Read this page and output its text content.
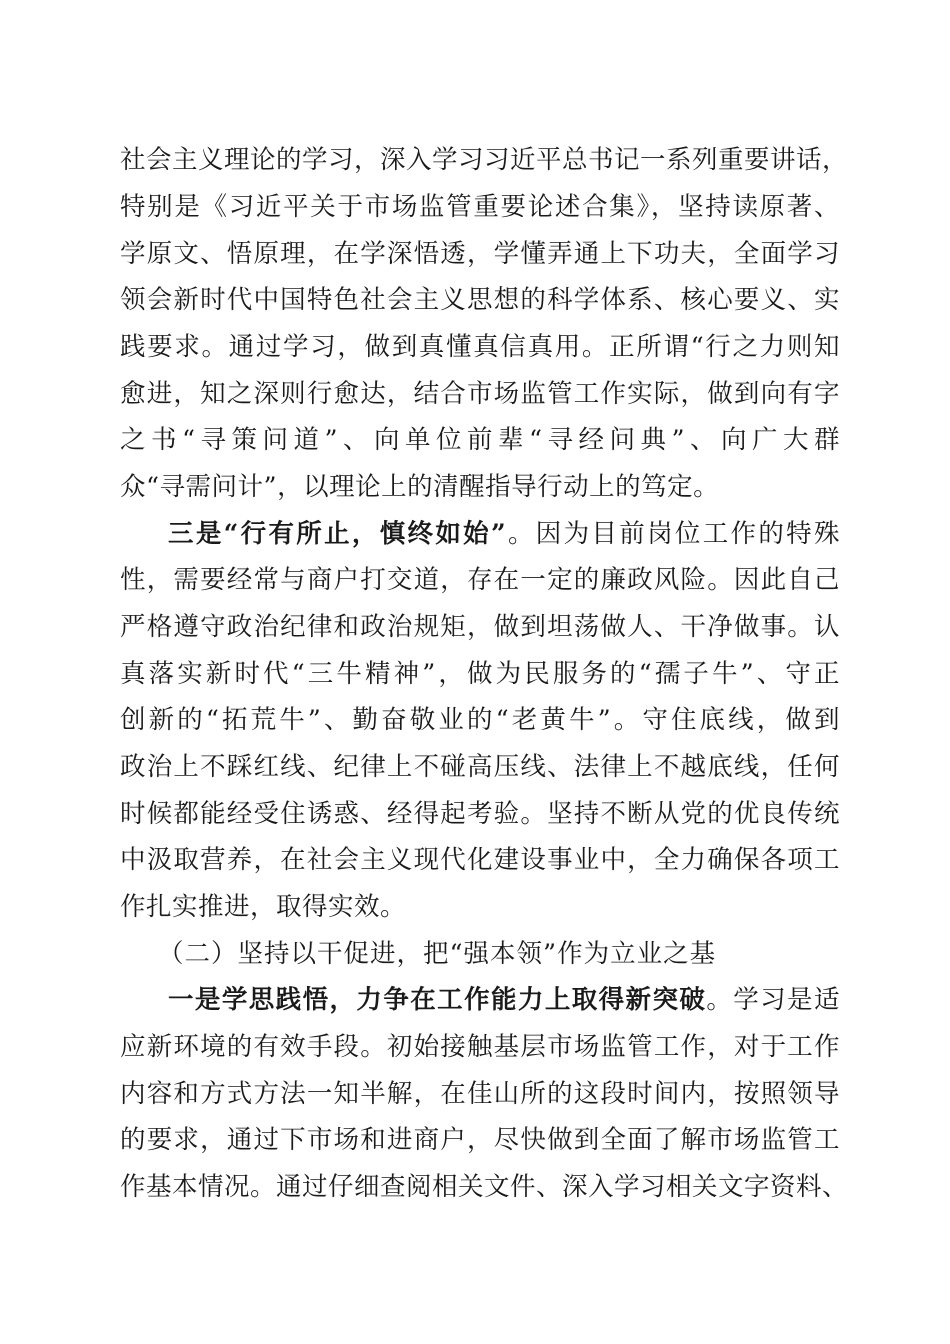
社会主义理论的学习，深入学习习近平总书记一系列重要讲话，
特别是《习近平关于市场监管重要论述合集》，坚持读原著、
学原文、悟原理，在学深悟透，学懂弄通上下功夫，全面学习
领会新时代中国特色社会主义思想的科学体系、核心要义、实
践要求。通过学习，做到真懂真信真用。正所谓“行之力则知
愈进，知之深则行愈达，结合市场监管工作实际，做到向有字
之书“寻策问道”、向单位前辈“寻经问典”、向广大群
众“寻需问计”，以理论上的清醒指导行动上的笃定。
三是“行有所止，慎终如始”。因为目前岗位工作的特殊
性，需要经常与商户打交道，存在一定的廉政风险。因此自己
严格遵守政治纪律和政治规矩，做到坦荡做人、干净做事。认
真落实新时代“三牛精神”，做为民服务的“孺子牛”、守正
创新的“拓荒牛”、勤奋敬业的“老黄牛”。守住底线，做到
政治上不踩红线、纪律上不碰高压线、法律上不越底线，任何
时候都能经受住诱惑、经得起考验。坚持不断从党的优良传统
中汲取营养，在社会主义现代化建设事业中，全力确保各项工
作扎实推进，取得实效。
（二）坚持以干促进，把“强本领”作为立业之基
一是学思践悟，力争在工作能力上取得新突破。学习是适
应新环境的有效手段。初始接触基层市场监管工作，对于工作
内容和方式方法一知半解，在佳山所的这段时间内，按照领导
的要求，通过下市场和进商户，尽快做到全面了解市场监管工
作基本情况。通过仔细查阅相关文件、深入学习相关文字资料、
